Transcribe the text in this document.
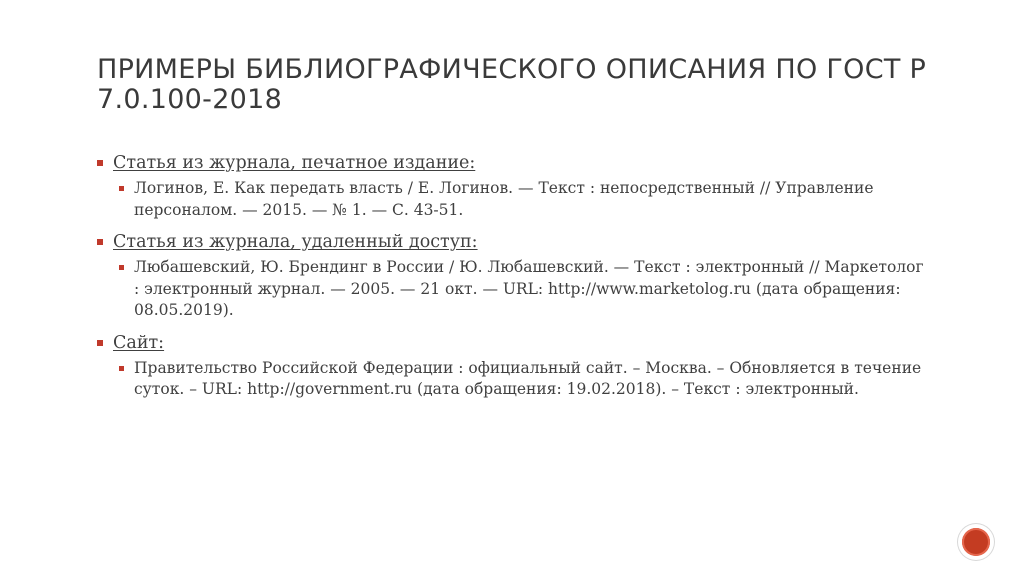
ПРИМЕРЫ БИБЛИОГРАФИЧЕСКОГО ОПИСАНИЯ ПО ГОСТ Р 7.0.100-2018
Статья из журнала, печатное издание:
Логинов, Е. Как передать власть / Е. Логинов. — Текст : непосредственный // Управление персоналом. — 2015. — № 1. — С. 43-51.
Статья из журнала, удаленный доступ:
Любашевский, Ю. Брендинг в России / Ю. Любашевский. — Текст : электронный // Маркетолог : электронный журнал. — 2005. — 21 окт. — URL: http://www.marketolog.ru (дата обращения: 08.05.2019).
Сайт:
Правительство Российской Федерации : официальный сайт. – Москва. – Обновляется в течение суток. – URL: http://government.ru (дата обращения: 19.02.2018). – Текст : электронный.
